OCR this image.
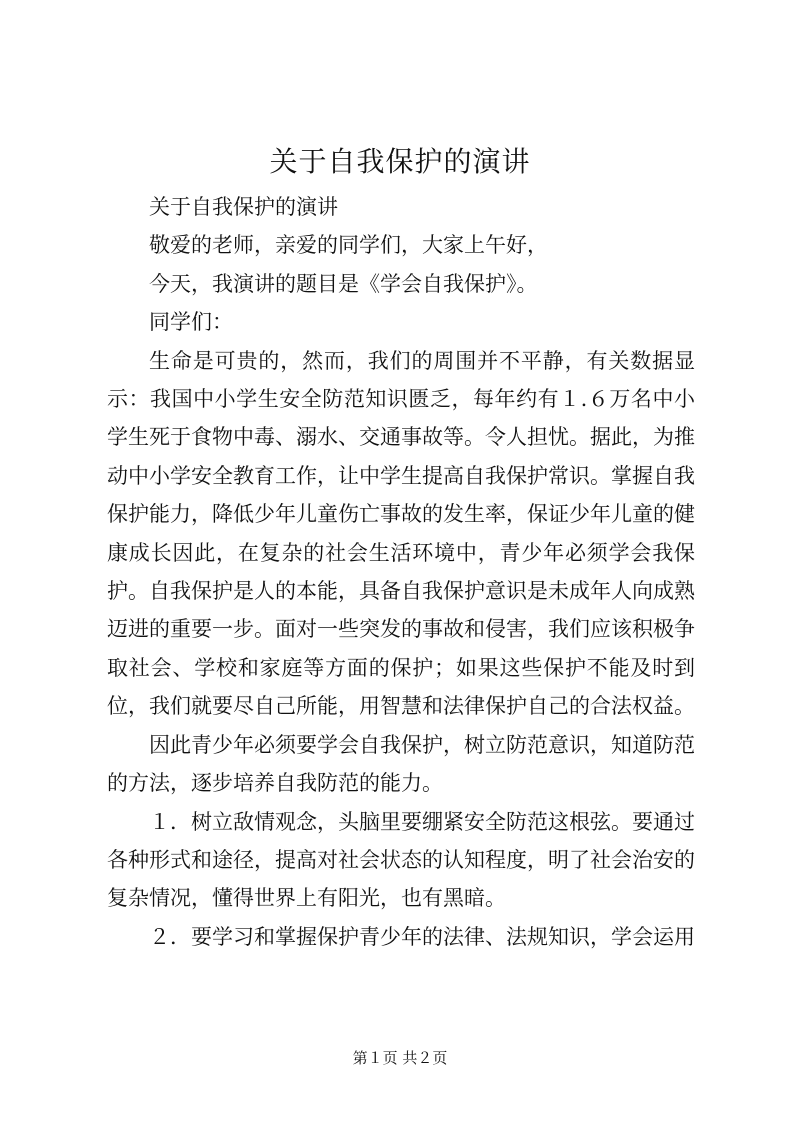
关于自我保护的演讲

关于自我保护的演讲

敬爱的老师，亲爱的同学们，大家上午好，

今天，我演讲的题目是《学会自我保护》。

同学们：

生命是可贵的，然而，我们的周围并不平静，有关数据显示：我国中小学生安全防范知识匮乏，每年约有１.６万名中小学生死于食物中毒、溺水、交通事故等。令人担忧。据此，为推动中小学安全教育工作，让中学生提高自我保护常识。掌握自我保护能力，降低少年儿童伤亡事故的发生率，保证少年儿童的健康成长因此，在复杂的社会生活环境中，青少年必须学会我保护。自我保护是人的本能，具备自我保护意识是未成年人向成熟迈进的重要一步。面对一些突发的事故和侵害，我们应该积极争取社会、学校和家庭等方面的保护；如果这些保护不能及时到位，我们就要尽自己所能，用智慧和法律保护自己的合法权益。

因此青少年必须要学会自我保护，树立防范意识，知道防范的方法，逐步培养自我防范的能力。

１．树立敌情观念，头脑里要绷紧安全防范这根弦。要通过各种形式和途径，提高对社会状态的认知程度，明了社会治安的复杂情况，懂得世界上有阳光，也有黑暗。

２．要学习和掌握保护青少年的法律、法规知识，学会运用

第１页 共２页
